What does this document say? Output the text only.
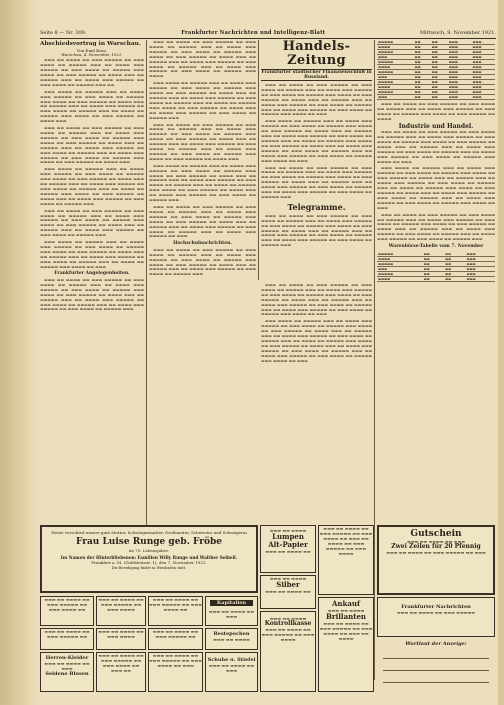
Seite 8 — Nr. 309.	Frankfurter Nachrichten und Intelligenz-Blatt	Mittwoch, 9. November 1921.
Abschiedsvortrag in Warschau.
Von Emil Krau.
Warschau, 4. November 1921.

▬▬▬ ▬▬ ▬▬▬▬ ▬▬ ▬▬▬ ▬▬▬▬▬ ▬▬ ▬▬▬ ▬▬▬▬ ▬▬ ▬▬▬▬▬ ▬▬▬ ▬▬ ▬▬▬▬ ▬▬▬ ▬▬▬▬▬ ▬▬ ▬▬▬ ▬▬▬▬ ▬▬ ▬▬▬▬▬ ▬▬▬ ▬▬▬▬ ▬▬ ▬▬▬ ▬▬▬▬▬ ▬▬ ▬▬▬▬ ▬▬▬ ▬▬ ▬▬▬▬▬ ▬▬▬ ▬▬ ▬▬▬▬ ▬▬▬ ▬▬▬▬▬ ▬▬ ▬▬▬ ▬▬▬▬ ▬▬ ▬▬▬▬▬ ▬▬▬ ▬▬

▬▬▬ ▬▬▬▬ ▬▬ ▬▬▬▬▬ ▬▬▬ ▬▬ ▬▬▬▬ ▬▬▬ ▬▬▬▬▬ ▬▬ ▬▬▬ ▬▬▬▬ ▬▬ ▬▬▬▬▬ ▬▬▬ ▬▬▬▬ ▬▬ ▬▬▬ ▬▬▬▬▬ ▬▬ ▬▬▬▬ ▬▬▬ ▬▬ ▬▬▬▬▬ ▬▬▬ ▬▬ ▬▬▬▬ ▬▬▬ ▬▬▬▬▬ ▬▬ ▬▬▬ ▬▬▬▬ ▬▬ ▬▬▬▬▬ ▬▬▬ ▬▬ ▬▬▬▬ ▬▬ ▬▬▬▬▬ ▬▬▬ ▬▬▬▬ ▬▬ ▬▬▬ ▬▬▬▬▬ ▬▬ ▬▬▬▬ ▬▬▬

▬▬▬ ▬▬ ▬▬▬▬ ▬▬ ▬▬▬ ▬▬▬▬▬ ▬▬ ▬▬▬ ▬▬▬▬ ▬▬ ▬▬▬▬▬ ▬▬▬ ▬▬ ▬▬▬▬ ▬▬▬ ▬▬▬▬▬ ▬▬ ▬▬▬ ▬▬▬▬ ▬▬ ▬▬▬▬▬ ▬▬▬ ▬▬▬▬ ▬▬ ▬▬▬ ▬▬▬▬▬ ▬▬ ▬▬▬▬ ▬▬▬ ▬▬ ▬▬▬▬▬ ▬▬▬ ▬▬ ▬▬▬▬ ▬▬▬ ▬▬▬▬▬ ▬▬ ▬▬▬ ▬▬▬▬ ▬▬ ▬▬▬▬▬ ▬▬▬ ▬▬ ▬▬▬▬ ▬▬▬ ▬▬▬▬▬ ▬▬ ▬▬▬ ▬▬▬▬ ▬▬ ▬▬▬▬▬ ▬▬▬ ▬▬▬▬ ▬▬ ▬▬▬ ▬▬▬▬▬ ▬▬ ▬▬▬▬ ▬▬▬

▬▬▬ ▬▬▬▬ ▬▬ ▬▬▬▬▬ ▬▬▬ ▬▬ ▬▬▬▬ ▬▬▬ ▬▬▬▬▬ ▬▬ ▬▬▬ ▬▬▬▬ ▬▬ ▬▬▬▬▬ ▬▬▬ ▬▬▬▬ ▬▬ ▬▬▬ ▬▬▬▬▬ ▬▬ ▬▬▬▬ ▬▬▬ ▬▬ ▬▬▬▬▬ ▬▬▬ ▬▬ ▬▬▬▬ ▬▬▬ ▬▬▬▬▬ ▬▬ ▬▬▬ ▬▬▬▬ ▬▬ ▬▬▬▬▬ ▬▬▬ ▬▬ ▬▬▬▬ ▬▬ ▬▬▬▬▬ ▬▬▬ ▬▬▬▬ ▬▬ ▬▬▬ ▬▬▬▬▬ ▬▬ ▬▬▬▬ ▬▬▬ ▬▬ ▬▬▬▬ ▬▬▬ ▬▬▬▬▬ ▬▬ ▬▬▬ ▬▬▬▬ ▬▬ ▬▬▬▬▬ ▬▬▬

▬▬▬ ▬▬ ▬▬▬▬ ▬▬ ▬▬▬ ▬▬▬▬▬ ▬▬ ▬▬▬ ▬▬▬▬ ▬▬ ▬▬▬▬▬ ▬▬▬ ▬▬ ▬▬▬▬ ▬▬▬ ▬▬▬▬▬ ▬▬ ▬▬▬ ▬▬▬▬ ▬▬ ▬▬▬▬▬ ▬▬▬ ▬▬▬▬ ▬▬ ▬▬▬ ▬▬▬▬▬ ▬▬ ▬▬▬▬ ▬▬▬ ▬▬ ▬▬▬▬▬ ▬▬▬ ▬▬ ▬▬▬▬ ▬▬▬ ▬▬▬▬▬ ▬▬ ▬▬▬ ▬▬▬▬ ▬▬ ▬▬▬▬▬ ▬▬▬

▬▬▬ ▬▬▬▬ ▬▬ ▬▬▬▬▬ ▬▬▬ ▬▬ ▬▬▬▬ ▬▬▬ ▬▬▬▬▬ ▬▬ ▬▬▬ ▬▬▬▬ ▬▬ ▬▬▬▬▬ ▬▬▬ ▬▬▬▬ ▬▬ ▬▬▬ ▬▬▬▬▬ ▬▬ ▬▬▬▬ ▬▬▬ ▬▬ ▬▬▬▬▬ ▬▬▬ ▬▬ ▬▬▬▬ ▬▬▬ ▬▬▬▬▬ ▬▬ ▬▬▬ ▬▬▬▬ ▬▬ ▬▬▬▬▬ ▬▬▬ ▬▬ ▬▬▬▬ ▬▬ ▬▬▬▬▬ ▬▬▬ ▬▬▬▬ ▬▬ ▬▬▬

Frankfurter Angelegenheiten.

▬▬▬ ▬▬ ▬▬▬▬ ▬▬ ▬▬▬ ▬▬▬▬▬ ▬▬ ▬▬▬ ▬▬▬▬ ▬▬ ▬▬▬▬▬ ▬▬▬ ▬▬ ▬▬▬▬ ▬▬▬ ▬▬▬▬▬ ▬▬ ▬▬▬ ▬▬▬▬ ▬▬ ▬▬▬▬▬ ▬▬▬ ▬▬▬▬ ▬▬ ▬▬▬ ▬▬▬▬▬ ▬▬ ▬▬▬▬ ▬▬▬ ▬▬ ▬▬▬▬▬ ▬▬▬ ▬▬ ▬▬▬▬ ▬▬▬ ▬▬▬▬▬ ▬▬ ▬▬▬ ▬▬▬▬ ▬▬ ▬▬▬▬▬ ▬▬▬ ▬▬ ▬▬▬▬ ▬▬▬ ▬▬▬▬▬ ▬▬ ▬▬▬ ▬▬▬▬ ▬▬ ▬▬▬▬▬ ▬▬▬

▬▬▬ ▬▬ ▬▬▬▬ ▬▬ ▬▬▬ ▬▬▬▬▬ ▬▬ ▬▬▬ ▬▬▬▬ ▬▬ ▬▬▬▬▬ ▬▬▬ ▬▬ ▬▬▬▬ ▬▬▬ ▬▬▬▬▬ ▬▬ ▬▬▬ ▬▬▬▬ ▬▬ ▬▬▬▬▬ ▬▬▬ ▬▬▬▬ ▬▬ ▬▬▬ ▬▬▬▬▬ ▬▬ ▬▬▬▬ ▬▬▬ ▬▬ ▬▬▬▬▬ ▬▬▬ ▬▬ ▬▬▬▬ ▬▬▬ ▬▬▬▬▬ ▬▬ ▬▬▬ ▬▬▬▬ ▬▬ ▬▬▬▬▬ ▬▬▬ ▬▬ ▬▬▬▬ ▬▬▬ ▬▬▬▬▬ ▬▬ ▬▬▬ ▬▬▬▬ ▬▬ ▬▬▬▬▬ ▬▬▬ ▬▬▬▬

▬▬▬ ▬▬▬▬ ▬▬ ▬▬▬▬▬ ▬▬▬ ▬▬ ▬▬▬▬ ▬▬▬ ▬▬▬▬▬ ▬▬ ▬▬▬ ▬▬▬▬ ▬▬ ▬▬▬▬▬ ▬▬▬ ▬▬▬▬ ▬▬ ▬▬▬ ▬▬▬▬▬ ▬▬ ▬▬▬▬ ▬▬▬ ▬▬ ▬▬▬▬▬ ▬▬▬ ▬▬ ▬▬▬▬ ▬▬▬ ▬▬▬▬▬ ▬▬ ▬▬▬ ▬▬▬▬ ▬▬ ▬▬▬▬▬ ▬▬▬ ▬▬ ▬▬▬▬ ▬▬ ▬▬▬▬▬ ▬▬▬ ▬▬▬▬ ▬▬ ▬▬▬ ▬▬▬▬▬ ▬▬ ▬▬▬▬ ▬▬▬ ▬▬ ▬▬▬▬ ▬▬▬ ▬▬▬▬▬ ▬▬ ▬▬▬ ▬▬▬▬ ▬▬ ▬▬▬▬▬ ▬▬▬

▬▬▬ ▬▬ ▬▬▬▬ ▬▬ ▬▬▬ ▬▬▬▬▬ ▬▬ ▬▬▬ ▬▬▬▬ ▬▬ ▬▬▬▬▬ ▬▬▬ ▬▬ ▬▬▬▬ ▬▬▬ ▬▬▬▬▬ ▬▬ ▬▬▬ ▬▬▬▬ ▬▬ ▬▬▬▬▬ ▬▬▬ ▬▬▬▬ ▬▬ ▬▬▬ ▬▬▬▬▬ ▬▬ ▬▬▬▬ ▬▬▬ ▬▬ ▬▬▬▬▬ ▬▬▬ ▬▬ ▬▬▬▬ ▬▬▬ ▬▬▬▬▬ ▬▬ ▬▬▬ ▬▬▬▬ ▬▬ ▬▬▬▬▬ ▬▬▬ ▬▬ ▬▬▬▬ ▬▬▬ ▬▬▬▬▬ ▬▬ ▬▬▬ ▬▬▬▬ ▬▬ ▬▬▬▬▬ ▬▬▬ ▬▬▬▬ ▬▬ ▬▬▬ ▬▬▬▬▬ ▬▬ ▬▬▬▬ ▬▬▬

▬▬▬ ▬▬▬▬ ▬▬ ▬▬▬▬▬ ▬▬▬ ▬▬ ▬▬▬▬ ▬▬▬ ▬▬▬▬▬ ▬▬ ▬▬▬ ▬▬▬▬ ▬▬ ▬▬▬▬▬ ▬▬▬ ▬▬▬▬ ▬▬ ▬▬▬ ▬▬▬▬▬ ▬▬ ▬▬▬▬ ▬▬▬ ▬▬ ▬▬▬▬▬ ▬▬▬ ▬▬ ▬▬▬▬ ▬▬▬ ▬▬▬▬▬ ▬▬ ▬▬▬ ▬▬▬▬ ▬▬ ▬▬▬▬▬ ▬▬▬ ▬▬ ▬▬▬▬ ▬▬ ▬▬▬▬▬ ▬▬▬ ▬▬▬▬ ▬▬ ▬▬▬ ▬▬▬▬▬ ▬▬ ▬▬▬▬ ▬▬▬ ▬▬ ▬▬▬▬ ▬▬▬ ▬▬▬▬▬ ▬▬ ▬▬▬ ▬▬▬▬ ▬▬ ▬▬▬▬▬ ▬▬▬

▬▬▬ ▬▬ ▬▬▬▬ ▬▬ ▬▬▬ ▬▬▬▬▬ ▬▬ ▬▬▬ ▬▬▬▬ ▬▬ ▬▬▬▬▬ ▬▬▬ ▬▬ ▬▬▬▬ ▬▬▬ ▬▬▬▬▬ ▬▬ ▬▬▬ ▬▬▬▬ ▬▬ ▬▬▬▬▬ ▬▬▬ ▬▬▬▬ ▬▬ ▬▬▬ ▬▬▬▬▬ ▬▬ ▬▬▬▬ ▬▬▬ ▬▬ ▬▬▬▬▬ ▬▬▬ ▬▬ ▬▬▬▬ ▬▬▬ ▬▬▬▬▬ ▬▬ ▬▬▬ ▬▬▬▬ ▬▬ ▬▬▬▬▬ ▬▬▬ ▬▬ ▬▬▬▬ ▬▬▬ ▬▬▬▬▬ ▬▬ ▬▬▬

Hochschulnachrichten.

▬▬▬ ▬▬ ▬▬▬▬ ▬▬ ▬▬▬ ▬▬▬▬▬ ▬▬ ▬▬▬ ▬▬▬▬ ▬▬ ▬▬▬▬▬ ▬▬▬ ▬▬ ▬▬▬▬ ▬▬▬ ▬▬▬▬▬ ▬▬ ▬▬▬ ▬▬▬▬ ▬▬ ▬▬▬▬▬ ▬▬▬ ▬▬▬▬ ▬▬ ▬▬▬ ▬▬▬▬▬ ▬▬ ▬▬▬▬ ▬▬▬ ▬▬ ▬▬▬▬▬ ▬▬▬ ▬▬ ▬▬▬▬ ▬▬▬ ▬▬▬▬▬ ▬▬ ▬▬▬ ▬▬▬▬ ▬▬ ▬▬▬▬▬ ▬▬▬

Handels-Zeitung
Frankfurter städtischer Finanzsenschluß in Russland.

▬▬▬ ▬▬ ▬▬▬▬ ▬▬ ▬▬▬ ▬▬▬▬▬ ▬▬ ▬▬▬ ▬▬▬▬ ▬▬ ▬▬▬▬▬ ▬▬▬ ▬▬ ▬▬▬▬ ▬▬▬ ▬▬▬▬▬ ▬▬ ▬▬▬ ▬▬▬▬ ▬▬ ▬▬▬▬▬ ▬▬▬ ▬▬▬▬ ▬▬ ▬▬▬ ▬▬▬▬▬ ▬▬ ▬▬▬▬ ▬▬▬ ▬▬ ▬▬▬▬▬ ▬▬▬ ▬▬ ▬▬▬▬ ▬▬▬ ▬▬▬▬▬ ▬▬ ▬▬▬ ▬▬▬▬ ▬▬ ▬▬▬▬▬ ▬▬▬ ▬▬ ▬▬▬▬ ▬▬▬ ▬▬▬▬▬ ▬▬ ▬▬▬ ▬▬▬▬ ▬▬ ▬▬▬▬▬ ▬▬▬ ▬▬▬▬ ▬▬ ▬▬▬

▬▬▬ ▬▬▬▬ ▬▬ ▬▬▬▬▬ ▬▬▬ ▬▬ ▬▬▬▬ ▬▬▬ ▬▬▬▬▬ ▬▬ ▬▬▬ ▬▬▬▬ ▬▬ ▬▬▬▬▬ ▬▬▬ ▬▬▬▬ ▬▬ ▬▬▬ ▬▬▬▬▬ ▬▬ ▬▬▬▬ ▬▬▬ ▬▬ ▬▬▬▬▬ ▬▬▬ ▬▬ ▬▬▬▬ ▬▬▬ ▬▬▬▬▬ ▬▬ ▬▬▬ ▬▬▬▬ ▬▬ ▬▬▬▬▬ ▬▬▬ ▬▬ ▬▬▬▬ ▬▬ ▬▬▬▬▬ ▬▬▬ ▬▬▬▬ ▬▬ ▬▬▬ ▬▬▬▬▬ ▬▬ ▬▬▬▬ ▬▬▬ ▬▬ ▬▬▬▬ ▬▬▬ ▬▬▬▬▬ ▬▬ ▬▬▬ ▬▬▬▬ ▬▬ ▬▬▬▬▬ ▬▬▬ ▬▬ ▬▬▬▬ ▬▬▬ ▬▬▬▬▬ ▬▬ ▬▬▬ ▬▬▬▬ ▬▬ ▬▬▬▬▬ ▬▬▬ ▬▬▬▬ ▬▬ ▬▬▬

▬▬▬ ▬▬ ▬▬▬▬ ▬▬ ▬▬▬ ▬▬▬▬▬ ▬▬ ▬▬▬ ▬▬▬▬ ▬▬ ▬▬▬▬▬ ▬▬▬ ▬▬ ▬▬▬▬ ▬▬▬ ▬▬▬▬▬ ▬▬ ▬▬▬ ▬▬▬▬ ▬▬ ▬▬▬▬▬ ▬▬▬ ▬▬▬▬ ▬▬ ▬▬▬ ▬▬▬▬▬ ▬▬ ▬▬▬▬ ▬▬▬ ▬▬ ▬▬▬▬▬ ▬▬▬ ▬▬ ▬▬▬▬ ▬▬▬ ▬▬▬▬▬ ▬▬ ▬▬▬ ▬▬▬▬ ▬▬ ▬▬▬▬▬ ▬▬▬ ▬▬ ▬▬▬▬ ▬▬▬ ▬▬▬▬▬ ▬▬ ▬▬▬ ▬▬▬▬ ▬▬ ▬▬▬▬▬ ▬▬▬

Telegramme.

▬▬▬ ▬▬ ▬▬▬▬ ▬▬ ▬▬▬ ▬▬▬▬▬ ▬▬ ▬▬▬ ▬▬▬▬ ▬▬ ▬▬▬▬▬ ▬▬▬ ▬▬ ▬▬▬▬ ▬▬▬ ▬▬▬▬▬ ▬▬ ▬▬▬ ▬▬▬▬ ▬▬ ▬▬▬▬▬ ▬▬▬ ▬▬▬▬ ▬▬ ▬▬▬ ▬▬▬▬▬ ▬▬ ▬▬▬▬ ▬▬▬ ▬▬ ▬▬▬▬▬ ▬▬▬ ▬▬ ▬▬▬▬ ▬▬▬ ▬▬▬▬▬ ▬▬ ▬▬▬ ▬▬▬▬ ▬▬ ▬▬▬▬▬ ▬▬▬ ▬▬ ▬▬▬▬ ▬▬▬ ▬▬▬▬▬ ▬▬ ▬▬▬ ▬▬▬▬ ▬▬ ▬▬▬▬▬ ▬▬▬

▬▬▬▬▬	▬▬	▬▬	▬▬▬	▬▬▬
▬▬▬▬	▬▬	▬▬	▬▬▬	▬▬▬
▬▬▬▬▬	▬▬	▬▬	▬▬▬	▬▬▬
▬▬▬	▬▬	▬▬	▬▬▬	▬▬▬
▬▬▬▬▬	▬▬	▬▬	▬▬▬	▬▬▬
▬▬▬▬	▬▬	▬▬	▬▬▬	▬▬▬
▬▬▬▬▬	▬▬	▬▬	▬▬▬	▬▬▬
▬▬▬	▬▬	▬▬	▬▬▬	▬▬▬
▬▬▬▬▬	▬▬	▬▬	▬▬▬	▬▬▬
▬▬▬▬	▬▬	▬▬	▬▬▬	▬▬▬
▬▬▬▬▬	▬▬	▬▬	▬▬▬	▬▬▬
▬▬▬	▬▬	▬▬	▬▬▬	▬▬▬

▬▬▬ ▬▬ ▬▬▬▬ ▬▬ ▬▬▬ ▬▬▬▬▬ ▬▬ ▬▬▬ ▬▬▬▬ ▬▬ ▬▬▬▬▬ ▬▬▬ ▬▬ ▬▬▬▬ ▬▬▬ ▬▬▬▬▬ ▬▬ ▬▬▬ ▬▬▬▬ ▬▬ ▬▬▬▬▬ ▬▬▬ ▬▬▬▬ ▬▬ ▬▬▬ ▬▬▬▬▬ ▬▬ ▬▬▬▬

Industrie und Handel.

▬▬▬ ▬▬ ▬▬▬▬ ▬▬ ▬▬▬ ▬▬▬▬▬ ▬▬ ▬▬▬ ▬▬▬▬ ▬▬ ▬▬▬▬▬ ▬▬▬ ▬▬ ▬▬▬▬ ▬▬▬ ▬▬▬▬▬ ▬▬ ▬▬▬ ▬▬▬▬ ▬▬ ▬▬▬▬▬ ▬▬▬ ▬▬▬▬ ▬▬ ▬▬▬ ▬▬▬▬▬ ▬▬ ▬▬▬▬ ▬▬▬ ▬▬ ▬▬▬▬▬ ▬▬▬ ▬▬ ▬▬▬▬ ▬▬▬ ▬▬▬▬▬ ▬▬ ▬▬▬ ▬▬▬▬ ▬▬ ▬▬▬▬▬ ▬▬▬ ▬▬ ▬▬▬▬ ▬▬▬ ▬▬▬▬▬ ▬▬ ▬▬▬ ▬▬▬▬ ▬▬ ▬▬▬▬▬ ▬▬▬ ▬▬▬▬ ▬▬ ▬▬▬

▬▬▬ ▬▬▬▬ ▬▬ ▬▬▬▬▬ ▬▬▬ ▬▬ ▬▬▬▬ ▬▬▬ ▬▬▬▬▬ ▬▬ ▬▬▬ ▬▬▬▬ ▬▬ ▬▬▬▬▬ ▬▬▬ ▬▬▬▬ ▬▬ ▬▬▬ ▬▬▬▬▬ ▬▬ ▬▬▬▬ ▬▬▬ ▬▬ ▬▬▬▬▬ ▬▬▬ ▬▬ ▬▬▬▬ ▬▬▬ ▬▬▬▬▬ ▬▬ ▬▬▬ ▬▬▬▬ ▬▬ ▬▬▬▬▬ ▬▬▬ ▬▬ ▬▬▬▬ ▬▬ ▬▬▬▬▬ ▬▬▬ ▬▬▬▬ ▬▬ ▬▬▬ ▬▬▬▬▬ ▬▬ ▬▬▬▬ ▬▬▬ ▬▬ ▬▬▬▬ ▬▬▬ ▬▬▬▬▬ ▬▬ ▬▬▬ ▬▬▬▬ ▬▬ ▬▬▬▬▬ ▬▬▬ ▬▬ ▬▬▬▬ ▬▬▬ ▬▬▬▬▬ ▬▬ ▬▬▬ ▬▬▬▬ ▬▬ ▬▬▬▬▬ ▬▬▬ ▬▬▬▬ ▬▬ ▬▬▬

▬▬▬ ▬▬ ▬▬▬▬ ▬▬ ▬▬▬ ▬▬▬▬▬ ▬▬ ▬▬▬ ▬▬▬▬ ▬▬ ▬▬▬▬▬ ▬▬▬ ▬▬ ▬▬▬▬ ▬▬▬ ▬▬▬▬▬ ▬▬ ▬▬▬ ▬▬▬▬ ▬▬ ▬▬▬▬▬ ▬▬▬ ▬▬▬▬ ▬▬ ▬▬▬ ▬▬▬▬▬ ▬▬ ▬▬▬▬ ▬▬▬ ▬▬ ▬▬▬▬▬ ▬▬▬ ▬▬ ▬▬▬▬ ▬▬▬ ▬▬▬▬▬ ▬▬ ▬▬▬ ▬▬▬▬ ▬▬ ▬▬▬▬▬ ▬▬▬ ▬▬ ▬▬▬▬ ▬▬▬ ▬▬▬▬▬ ▬▬ ▬▬▬ ▬▬▬▬ ▬▬ ▬▬▬▬▬ ▬▬▬

Warenbörse-Tabelle vom 7. November
▬▬▬▬▬	▬▬	▬▬	▬▬▬
▬▬▬▬	▬▬	▬▬	▬▬▬
▬▬▬▬▬	▬▬	▬▬	▬▬▬
▬▬▬	▬▬	▬▬	▬▬▬
▬▬▬▬▬	▬▬	▬▬	▬▬▬
▬▬▬▬	▬▬	▬▬	▬▬▬

▬▬▬ ▬▬ ▬▬▬▬ ▬▬ ▬▬▬ ▬▬▬▬▬ ▬▬ ▬▬▬ ▬▬▬▬ ▬▬ ▬▬▬▬▬ ▬▬▬ ▬▬ ▬▬▬▬ ▬▬▬ ▬▬▬▬▬ ▬▬ ▬▬▬ ▬▬▬▬ ▬▬ ▬▬▬▬▬ ▬▬▬ ▬▬▬▬ ▬▬ ▬▬▬ ▬▬▬▬▬ ▬▬ ▬▬▬▬ ▬▬▬ ▬▬ ▬▬▬▬▬ ▬▬▬ ▬▬ ▬▬▬▬ ▬▬▬ ▬▬▬▬▬ ▬▬ ▬▬▬ ▬▬▬▬ ▬▬ ▬▬▬▬▬ ▬▬▬ ▬▬ ▬▬▬▬ ▬▬▬ ▬▬▬▬▬ ▬▬ ▬▬▬ ▬▬▬▬ ▬▬ ▬▬▬▬▬ ▬▬▬ ▬▬▬▬ ▬▬ ▬▬▬

▬▬▬ ▬▬▬▬ ▬▬ ▬▬▬▬▬ ▬▬▬ ▬▬ ▬▬▬▬ ▬▬▬ ▬▬▬▬▬ ▬▬ ▬▬▬ ▬▬▬▬ ▬▬ ▬▬▬▬▬ ▬▬▬ ▬▬▬▬ ▬▬ ▬▬▬ ▬▬▬▬▬ ▬▬ ▬▬▬▬ ▬▬▬ ▬▬ ▬▬▬▬▬ ▬▬▬ ▬▬ ▬▬▬▬ ▬▬▬ ▬▬▬▬▬ ▬▬ ▬▬▬ ▬▬▬▬ ▬▬ ▬▬▬▬▬ ▬▬▬ ▬▬ ▬▬▬▬ ▬▬ ▬▬▬▬▬ ▬▬▬ ▬▬▬▬ ▬▬ ▬▬▬ ▬▬▬▬▬ ▬▬ ▬▬▬▬ ▬▬▬ ▬▬ ▬▬▬▬ ▬▬▬ ▬▬▬▬▬ ▬▬ ▬▬▬ ▬▬▬▬ ▬▬ ▬▬▬▬▬ ▬▬▬ ▬▬ ▬▬▬▬ ▬▬▬ ▬▬▬▬▬ ▬▬ ▬▬▬ ▬▬▬▬ ▬▬ ▬▬▬▬▬ ▬▬▬ ▬▬▬▬ ▬▬ ▬▬▬

Heute verschied unsere gute Mutter, Schwiegermutter, Großmutter, Schwester und Schwägerin
Frau Luise Runge geb. Fröbe
im 75. Lebensjahre.
Im Namen der Hinterbliebenen: Familien Willy Runge und Walther Seibell.
Frankfurt a. M. (Goldsteinstr. 1), den 7. November 1921.
Die Beerdigung findet in Wiesbaden statt.
▬▬▬ ▬▬ ▬▬▬▬ ▬▬ ▬▬▬ ▬▬▬▬▬ ▬▬ ▬▬▬ ▬▬▬▬ ▬▬
▬▬▬ ▬▬ ▬▬▬▬ ▬▬ ▬▬▬ ▬▬▬▬▬ ▬▬ ▬▬▬ ▬▬▬▬
▬▬▬ ▬▬ ▬▬▬▬ ▬▬ ▬▬▬ ▬▬▬▬▬ ▬▬ ▬▬▬ ▬▬▬▬ ▬▬
Kapitalien
▬▬▬ ▬▬ ▬▬▬▬ ▬▬ ▬▬▬
▬▬▬ ▬▬ ▬▬▬▬ ▬▬ ▬▬▬ ▬▬▬▬▬ ▬▬
▬▬▬ ▬▬ ▬▬▬▬ ▬▬ ▬▬▬ ▬▬▬▬
▬▬▬ ▬▬ ▬▬▬▬ ▬▬ ▬▬▬ ▬▬▬▬▬ ▬▬	Restepochen
▬▬▬ ▬▬ ▬▬▬▬
Herren-Kleider
▬▬▬ ▬▬ ▬▬▬▬ ▬▬ ▬▬▬
Seidene Blusen
▬▬▬ ▬▬ ▬▬▬▬ ▬▬ ▬▬▬ ▬▬▬▬▬ ▬▬ ▬▬▬ ▬▬▬▬ ▬▬ ▬▬▬ ▬▬
▬▬▬ ▬▬ ▬▬▬▬ ▬▬ ▬▬▬ ▬▬▬▬▬ ▬▬ ▬▬▬ ▬▬▬▬ ▬▬ ▬▬▬
Schuhe u. Stiefel
▬▬▬ ▬▬ ▬▬▬▬ ▬▬ ▬▬▬
▬▬▬ ▬▬ ▬▬▬▬
Lumpen
Alt-Papier
▬▬▬ ▬▬ ▬▬▬▬ ▬▬
▬▬▬ ▬▬ ▬▬▬▬
Silber
▬▬▬ ▬▬ ▬▬▬▬ ▬▬
▬▬▬ ▬▬ ▬▬▬▬
Kontrollkasse
▬▬▬ ▬▬ ▬▬▬▬ ▬▬ ▬▬▬ ▬▬▬▬▬ ▬▬ ▬▬▬ ▬▬▬▬
▬▬▬ ▬▬ ▬▬▬▬ ▬▬ ▬▬▬ ▬▬▬▬▬ ▬▬ ▬▬▬ ▬▬▬▬ ▬▬ ▬▬▬ ▬▬ ▬▬▬▬ ▬▬ ▬▬▬ ▬▬▬▬▬ ▬▬ ▬▬▬ ▬▬▬▬
Ankauf
▬▬▬ ▬▬ ▬▬▬▬
Brillanten
▬▬▬ ▬▬ ▬▬▬▬ ▬▬ ▬▬▬ ▬▬▬▬▬ ▬▬ ▬▬▬ ▬▬▬▬ ▬▬ ▬▬▬ ▬▬ ▬▬▬▬
Gutschein
▬▬▬ ▬▬ ▬▬▬▬ ▬▬ ▬▬▬
Zwei Zeilen für 20 Pfennig
▬▬▬ ▬▬ ▬▬▬▬ ▬▬ ▬▬▬ ▬▬▬▬▬ ▬▬ ▬▬▬
Frankfurter Nachrichten
▬▬▬ ▬▬ ▬▬▬▬ ▬▬ ▬▬▬ ▬▬▬▬▬
Wortlaut der Anzeige:
